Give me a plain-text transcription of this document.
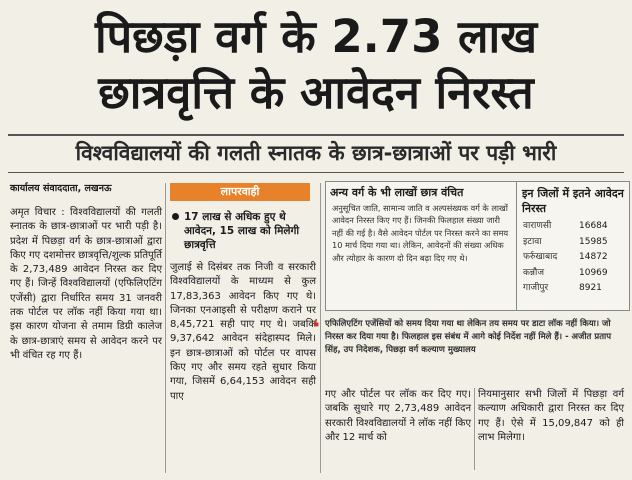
पिछड़ा वर्ग के 2.73 लाख
छात्रवृत्ति के आवेदन निरस्त
विश्वविद्यालयों की गलती स्नातक के छात्र-छात्राओं पर पड़ी भारी
कार्यालय संवाददाता, लखनऊ
अमृत विचार : विश्वविद्यालयों की गलती स्नातक के छात्र-छात्राओं पर भारी पड़ी है। प्रदेश में पिछड़ा वर्ग के छात्र-छात्राओं द्वारा किए गए दशमोत्तर छात्रवृत्ति/शुल्क प्रतिपूर्ति के 2,73,489 आवेदन निरस्त कर दिए गए हैं। जिन्हें विश्वविद्यालयों (एफिलिएटिंग एजेंसी) द्वारा निर्धारित समय 31 जनवरी तक पोर्टल पर लॉक नहीं किया गया था। इस कारण योजना से तमाम डिग्री कालेज के छात्र-छात्राएं समय से आवेदन करने पर भी वंचित रह गए हैं।
लापरवाही
17 लाख से अधिक हुए थे आवेदन, 15 लाख को मिलेगी छात्रवृत्ति
जुलाई से दिसंबर तक निजी व सरकारी विश्वविद्यालयों के माध्यम से कुल 17,83,363 आवेदन किए गए थे। जिनका एनआइसी से परीक्षण कराने पर 8,45,721 सही पाए गए थे। जबकि 9,37,642 आवेदन संदेहास्पद मिले। इन छात्र-छात्राओं को पोर्टल पर वापस किए गए और समय रहते सुधार किया गया, जिसमें 6,64,153 आवेदन सही पाए
अन्य वर्ग के भी लाखों छात्र वंचित
अनुसूचित जाति, सामान्य जाति व अल्पसंख्यक वर्ग के लाखों आवेदन निरस्त किए गए हैं। जिनकी फिलहाल संख्या जारी नहीं की गई है। वैसे आवेदन पोर्टल पर निरस्त करने का समय 10 मार्च दिया गया था। लेकिन, आवेदनों की संख्या अधिक और त्योहार के कारण दो दिन बढ़ा दिए गए थे।
इन जिलों में इतने आवेदन निरस्त
वाराणसी	16684
इटावा	15985
फर्रुखाबाद	14872
कन्नौज	10969
गाजीपुर	8921
❛ एफिलिएटिंग एजेंसियों को समय दिया गया था लेकिन तय समय पर डाटा लॉक नहीं किया। जो निरस्त कर दिया गया है। फिलहाल इस संबंध में आगे कोई निर्देश नहीं मिले हैं। - अजीत प्रताप सिंह, उप निदेशक, पिछड़ा वर्ग कल्याण मुख्यालय
गए और पोर्टल पर लॉक कर दिए गए। जबकि सुधारे गए 2,73,489 आवेदन सरकारी विश्वविद्यालयों ने लॉक नहीं किए और 12 मार्च को
नियमानुसार सभी जिलों में पिछड़ा वर्ग कल्याण अधिकारी द्वारा निरस्त कर दिए गए हैं। ऐसे में 15,09,847 को ही लाभ मिलेगा।
